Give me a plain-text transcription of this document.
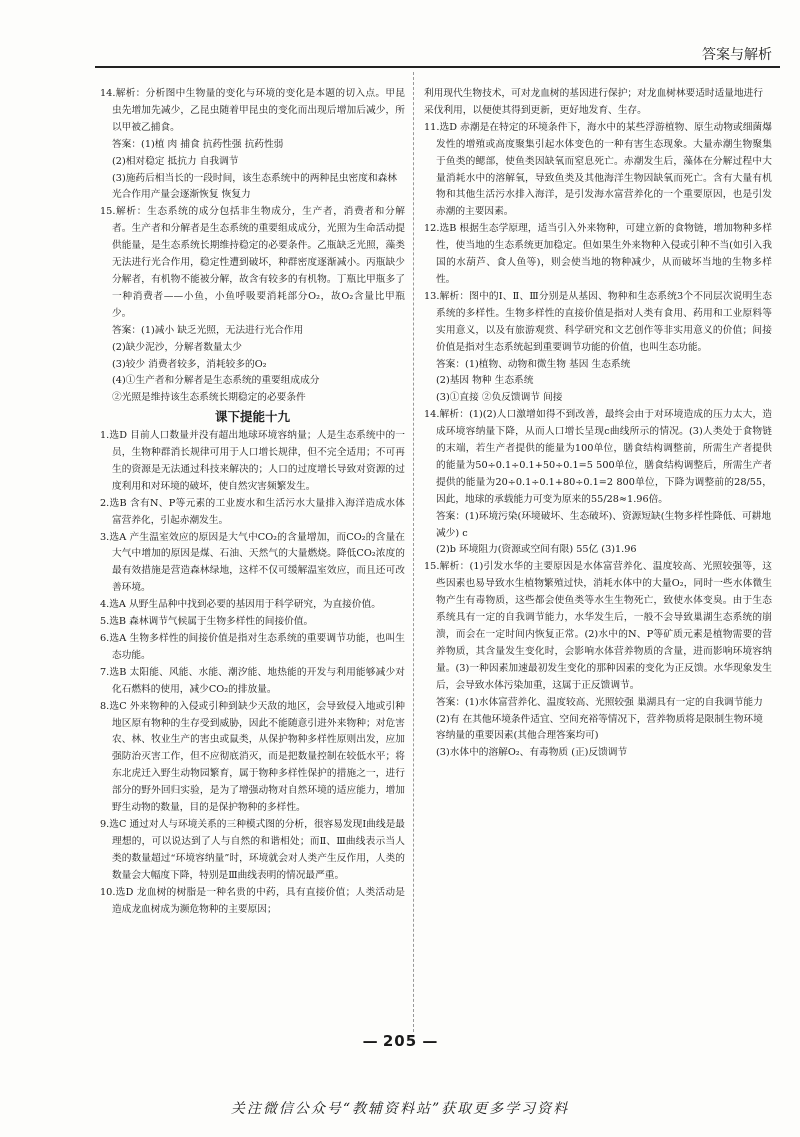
答案与解析
14.解析：分析图中生物量的变化与环境的变化是本题的切入点。甲昆虫先增加先减少，乙昆虫随着甲昆虫的变化而出现后增加后减少，所以甲被乙捕食。
答案：(1)植 肉 捕食 抗药性强 抗药性弱
(2)相对稳定 抵抗力 自我调节
(3)施药后相当长的一段时间，该生态系统中的两种昆虫密度和森林光合作用产量会逐渐恢复 恢复力
15.解析：生态系统的成分包括非生物成分，生产者，消费者和分解者。生产者和分解者是生态系统的重要组成成分，光照为生命活动提供能量，是生态系统长期维持稳定的必要条件。乙瓶缺乏光照，藻类无法进行光合作用，稳定性遭到破坏，种群密度逐渐减小。丙瓶缺少分解者，有机物不能被分解，故含有较多的有机物。丁瓶比甲瓶多了一种消费者——小鱼，小鱼呼吸要消耗部分O₂，故O₂含量比甲瓶少。
答案：(1)减小 缺乏光照，无法进行光合作用
(2)缺少泥沙，分解者数量太少
(3)较少 消费者较多，消耗较多的O₂
(4)①生产者和分解者是生态系统的重要组成成分
②光照是维持该生态系统长期稳定的必要条件
课下提能十九
1.选D 目前人口数量并没有超出地球环境容纳量；人是生态系统中的一员，生物种群消长规律可用于人口增长规律，但不完全适用；不可再生的资源是无法通过科技来解决的；人口的过度增长导致对资源的过度利用和对环境的破坏，使自然灾害频繁发生。
2.选B 含有N、P等元素的工业废水和生活污水大量排入海洋造成水体富营养化，引起赤潮发生。
3.选A 产生温室效应的原因是大气中CO₂的含量增加，而CO₂的含量在大气中增加的原因是煤、石油、天然气的大量燃烧。降低CO₂浓度的最有效措施是营造森林绿地，这样不仅可缓解温室效应，而且还可改善环境。
4.选A 从野生品种中找到必要的基因用于科学研究，为直接价值。
5.选B 森林调节气候属于生物多样性的间接价值。
6.选A 生物多样性的间接价值是指对生态系统的重要调节功能，也叫生态功能。
7.选B 太阳能、风能、水能、潮汐能、地热能的开发与利用能够减少对化石燃料的使用，减少CO₂的排放量。
8.选C 外来物种的入侵或引种到缺少天敌的地区，会导致侵入地或引种地区原有物种的生存受到威胁，因此不能随意引进外来物种；对危害农、林、牧业生产的害虫或鼠类，从保护物种多样性原则出发，应加强防治灭害工作，但不应彻底消灭，而是把数量控制在较低水平；将东北虎迁入野生动物园繁育，属于物种多样性保护的措施之一，进行部分的野外回归实验，是为了增强动物对自然环境的适应能力，增加野生动物的数量，目的是保护物种的多样性。
9.选C 通过对人与环境关系的三种模式图的分析，很容易发现Ⅰ曲线是最理想的，可以说达到了人与自然的和谐相处；而Ⅱ、Ⅲ曲线表示当人类的数量超过“环境容纳量”时，环境就会对人类产生反作用，人类的数量会大幅度下降，特别是Ⅲ曲线表明的情况最严重。
10.选D 龙血树的树脂是一种名贵的中药，具有直接价值；人类活动是造成龙血树成为濒危物种的主要原因；
利用现代生物技术，可对龙血树的基因进行保护；对龙血树林要适时适量地进行采伐利用，以便使其得到更新，更好地发育、生存。
11.选D 赤潮是在特定的环境条件下，海水中的某些浮游植物、原生动物或细菌爆发性的增殖或高度聚集引起水体变色的一种有害生态现象。大量赤潮生物聚集于鱼类的鳃部，使鱼类因缺氧而窒息死亡。赤潮发生后，藻体在分解过程中大量消耗水中的溶解氧，导致鱼类及其他海洋生物因缺氧而死亡。含有大量有机物和其他生活污水排入海洋，是引发海水富营养化的一个重要原因，也是引发赤潮的主要因素。
12.选B 根据生态学原理，适当引入外来物种，可建立新的食物链，增加物种多样性，使当地的生态系统更加稳定。但如果生外来物种入侵或引种不当(如引入我国的水葫芦、食人鱼等)，则会使当地的物种减少，从而破坏当地的生物多样性。
13.解析：图中的Ⅰ、Ⅱ、Ⅲ分别是从基因、物种和生态系统3个不同层次说明生态系统的多样性。生物多样性的直接价值是指对人类有食用、药用和工业原料等实用意义，以及有旅游观赏、科学研究和文艺创作等非实用意义的价值；间接价值是指对生态系统起到重要调节功能的价值，也叫生态功能。
答案：(1)植物、动物和微生物 基因 生态系统
(2)基因 物种 生态系统
(3)①直接 ②负反馈调节 间接
14.解析：(1)(2)人口激增如得不到改善，最终会由于对环境造成的压力太大，造成环境容纳量下降，从而人口增长呈现c曲线所示的情况。(3)人类处于食物链的末端，若生产者提供的能量为100单位，膳食结构调整前，所需生产者提供的能量为50÷0.1÷0.1+50÷0.1=5 500单位，膳食结构调整后，所需生产者提供的能量为20÷0.1÷0.1+80÷0.1=2 800单位，下降为调整前的28/55，因此，地球的承载能力可变为原来的55/28≈1.96倍。
答案：(1)环境污染(环境破坏、生态破坏)、资源短缺(生物多样性降低、可耕地减少) c
(2)b 环境阻力(资源或空间有限) 55亿 (3)1.96
15.解析：(1)引发水华的主要原因是水体富营养化、温度较高、光照较强等，这些因素也易导致水生植物繁殖过快，消耗水体中的大量O₂，同时一些水体微生物产生有毒物质，这些都会使鱼类等水生生物死亡，致使水体变臭。由于生态系统具有一定的自我调节能力，水华发生后，一般不会导致巢湖生态系统的崩溃，而会在一定时间内恢复正常。(2)水中的N、P等矿质元素是植物需要的营养物质，其含量发生变化时，会影响水体营养物质的含量，进而影响环境容纳量。(3)一种因素加速最初发生变化的那种因素的变化为正反馈。水华现象发生后，会导致水体污染加重，这属于正反馈调节。
答案：(1)水体富营养化、温度较高、光照较强 巢湖具有一定的自我调节能力
(2)有 在其他环境条件适宜、空间充裕等情况下，营养物质将是限制生物环境容纳量的重要因素(其他合理答案均可)
(3)水体中的溶解O₂、有毒物质 (正)反馈调节
— 205 —
关注微信公众号“教辅资料站”获取更多学习资料
